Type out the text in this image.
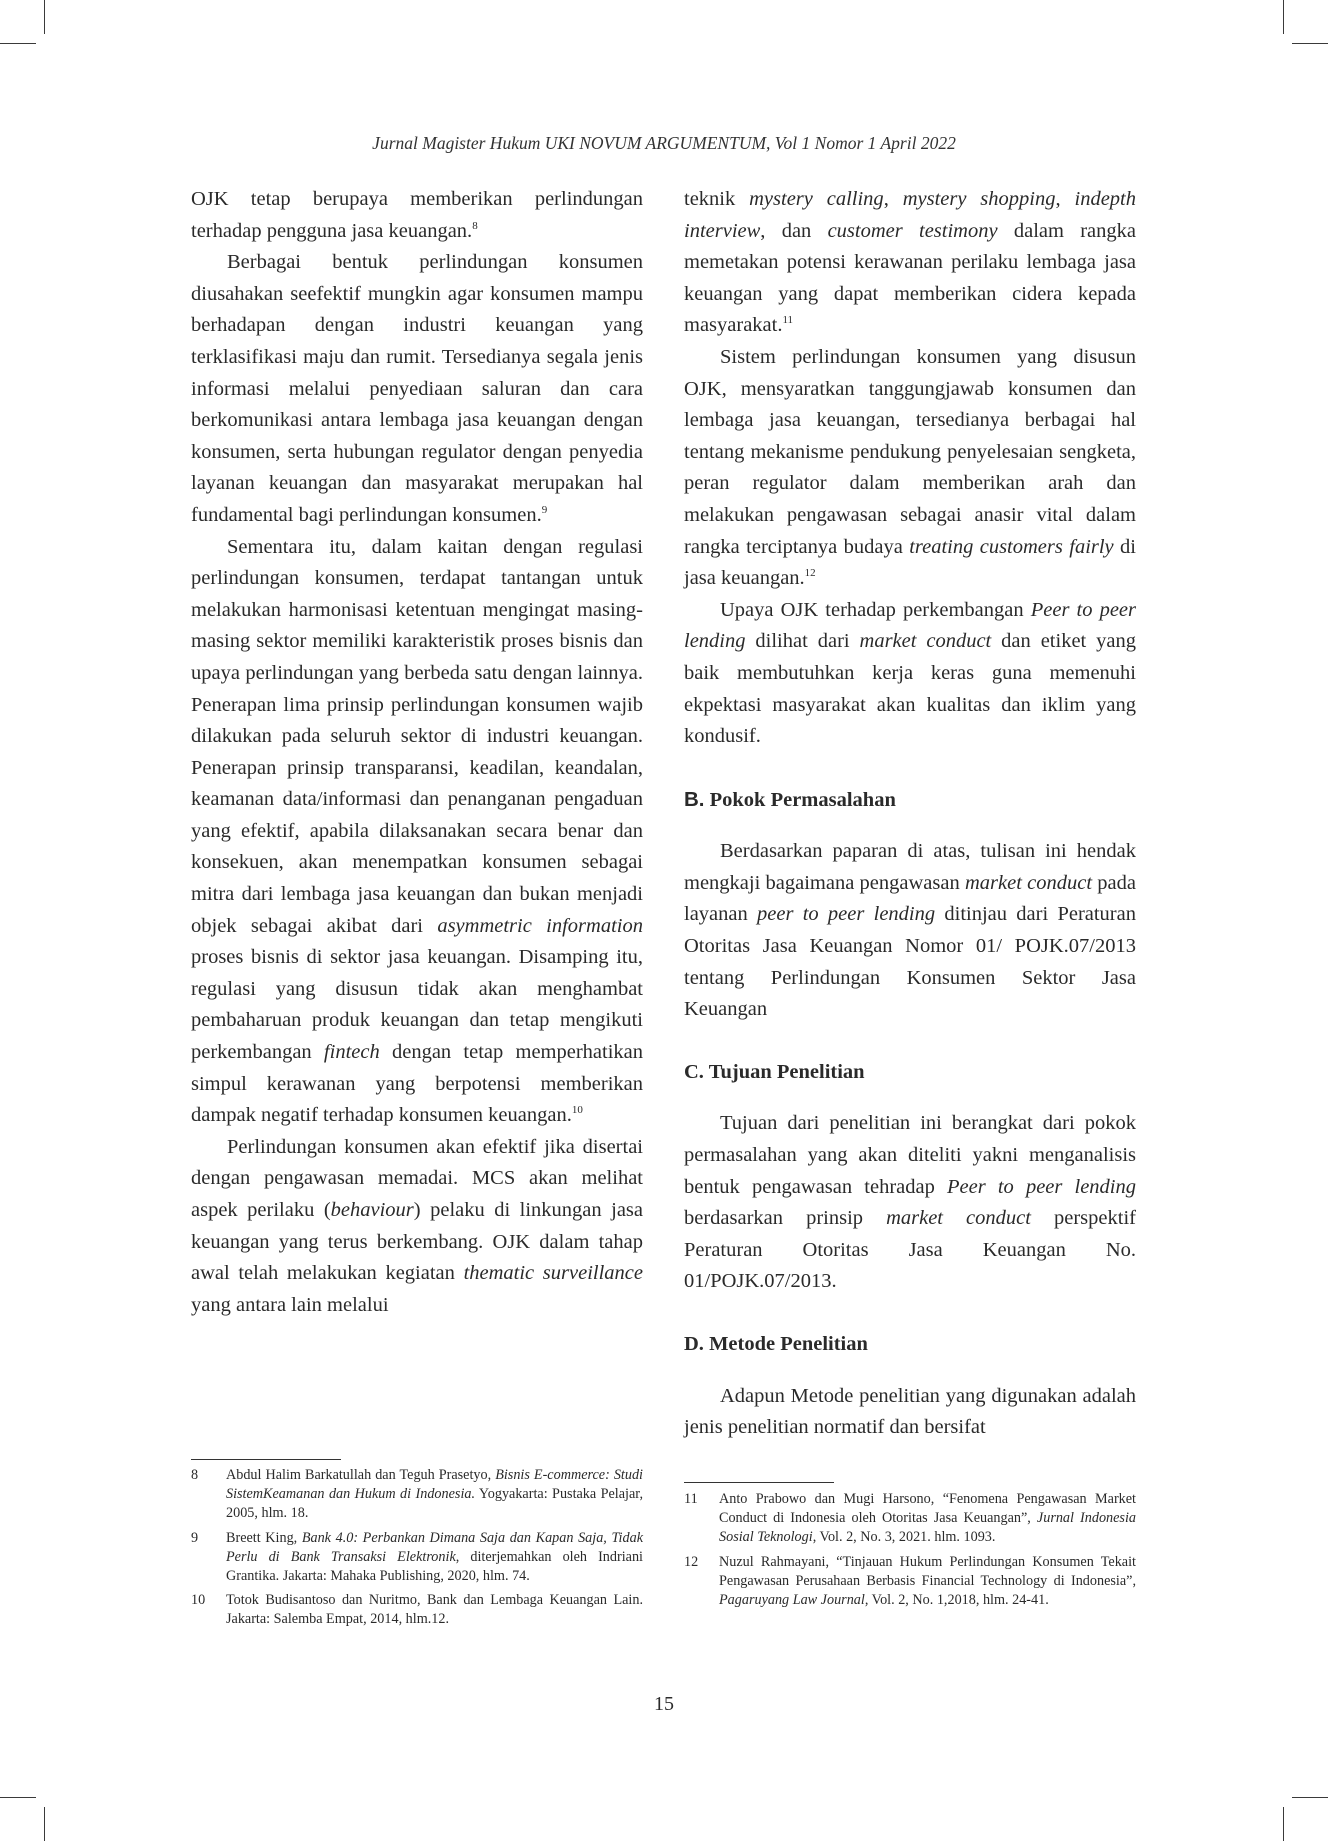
Jurnal Magister Hukum UKI NOVUM ARGUMENTUM, Vol 1 Nomor 1 April 2022

OJK tetap berupaya memberikan perlindungan terhadap pengguna jasa keuangan.$^8$

Berbagai bentuk perlindungan konsumen diusahakan seefektif mungkin agar konsumen mampu berhadapan dengan industri keuangan yang terklasifikasi maju dan rumit. Tersedianya segala jenis informasi melalui penyediaan saluran dan cara berkomunikasi antara lembaga jasa keuangan dengan konsumen, serta hubungan regulator dengan penyedia layanan keuangan dan masyarakat merupakan hal fundamental bagi perlindungan konsumen.$^9$

Sementara itu, dalam kaitan dengan regulasi perlindungan konsumen, terdapat tantangan untuk melakukan harmonisasi ketentuan mengingat masing-masing sektor memiliki karakteristik proses bisnis dan upaya perlindungan yang berbeda satu dengan lainnya. Penerapan lima prinsip perlindungan konsumen wajib dilakukan pada seluruh sektor di industri keuangan. Penerapan prinsip transparansi, keadilan, keandalan, keamanan data/informasi dan penanganan pengaduan yang efektif, apabila dilaksanakan secara benar dan konsekuen, akan menempatkan konsumen sebagai mitra dari lembaga jasa keuangan dan bukan menjadi objek sebagai akibat dari asymmetric information proses bisnis di sektor jasa keuangan. Disamping itu, regulasi yang disusun tidak akan menghambat pembaharuan produk keuangan dan tetap mengikuti perkembangan fintech dengan tetap memperhatikan simpul kerawanan yang berpotensi memberikan dampak negatif terhadap konsumen keuangan.$^{10}$

Perlindungan konsumen akan efektif jika disertai dengan pengawasan memadai. MCS akan melihat aspek perilaku (behaviour) pelaku di linkungan jasa keuangan yang terus berkembang. OJK dalam tahap awal telah melakukan kegiatan thematic surveillance yang antara lain melalui

teknik mystery calling, mystery shopping, indepth interview, dan customer testimony dalam rangka memetakan potensi kerawanan perilaku lembaga jasa keuangan yang dapat memberikan cidera kepada masyarakat.$^{11}$

Sistem perlindungan konsumen yang disusun OJK, mensyaratkan tanggungjawab konsumen dan lembaga jasa keuangan, tersedianya berbagai hal tentang mekanisme pendukung penyelesaian sengketa, peran regulator dalam memberikan arah dan melakukan pengawasan sebagai anasir vital dalam rangka terciptanya budaya treating customers fairly di jasa keuangan.$^{12}$

Upaya OJK terhadap perkembangan Peer to peer lending dilihat dari market conduct dan etiket yang baik membutuhkan kerja keras guna memenuhi ekpektasi masyarakat akan kualitas dan iklim yang kondusif.

B. Pokok Permasalahan

Berdasarkan paparan di atas, tulisan ini hendak mengkaji bagaimana pengawasan market conduct pada layanan peer to peer lending ditinjau dari Peraturan Otoritas Jasa Keuangan Nomor 01/ POJK.07/2013 tentang Perlindungan Konsumen Sektor Jasa Keuangan

C. Tujuan Penelitian

Tujuan dari penelitian ini berangkat dari pokok permasalahan yang akan diteliti yakni menganalisis bentuk pengawasan tehradap Peer to peer lending berdasarkan prinsip market conduct perspektif Peraturan Otoritas Jasa Keuangan No. 01/POJK.07/2013.

D. Metode Penelitian

Adapun Metode penelitian yang digunakan adalah jenis penelitian normatif dan bersifat

8	Abdul Halim Barkatullah dan Teguh Prasetyo, Bisnis E-commerce: Studi SistemKeamanan dan Hukum di Indonesia. Yogyakarta: Pustaka Pelajar, 2005, hlm. 18.
9	Breett King, Bank 4.0: Perbankan Dimana Saja dan Kapan Saja, Tidak Perlu di Bank Transaksi Elektronik, diterjemahkan oleh Indriani Grantika. Jakarta: Mahaka Publishing, 2020, hlm. 74.
10	Totok Budisantoso dan Nuritmo, Bank dan Lembaga Keuangan Lain. Jakarta: Salemba Empat, 2014, hlm.12.
11	Anto Prabowo dan Mugi Harsono, “Fenomena Pengawasan Market Conduct di Indonesia oleh Otoritas Jasa Keuangan”, Jurnal Indonesia Sosial Teknologi, Vol. 2, No. 3, 2021. hlm. 1093.
12	Nuzul Rahmayani, “Tinjauan Hukum Perlindungan Konsumen Tekait Pengawasan Perusahaan Berbasis Financial Technology di Indonesia”, Pagaruyang Law Journal, Vol. 2, No. 1,2018, hlm. 24-41.
15
